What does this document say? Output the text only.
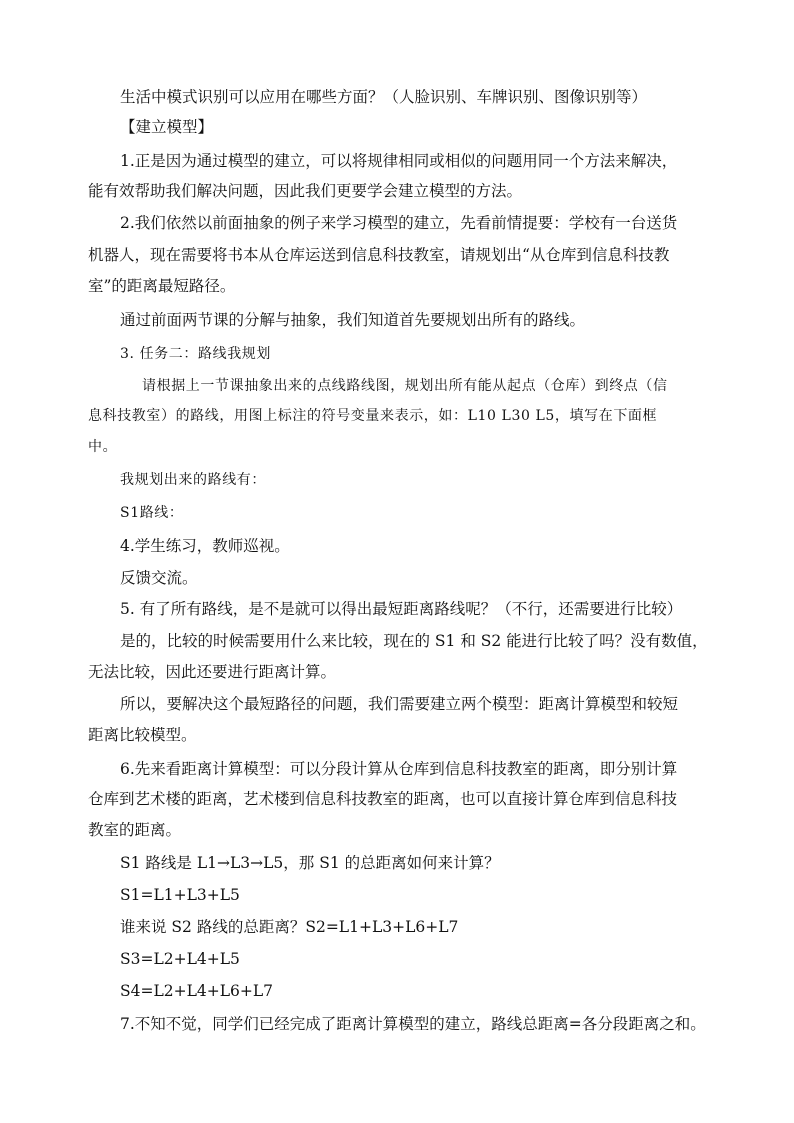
生活中模式识别可以应用在哪些方面？（人脸识别、车牌识别、图像识别等）
【建立模型】
1.正是因为通过模型的建立，可以将规律相同或相似的问题用同一个方法来解决，
能有效帮助我们解决问题，因此我们更要学会建立模型的方法。
2.我们依然以前面抽象的例子来学习模型的建立，先看前情提要：学校有一台送货
机器人，现在需要将书本从仓库运送到信息科技教室，请规划出“从仓库到信息科技教
室”的距离最短路径。
通过前面两节课的分解与抽象，我们知道首先要规划出所有的路线。
3. 任务二：路线我规划
请根据上一节课抽象出来的点线路线图，规划出所有能从起点（仓库）到终点（信
息科技教室）的路线，用图上标注的符号变量来表示，如：L10 L30 L5，填写在下面框
中。
我规划出来的路线有：
S1路线：
4.学生练习，教师巡视。
反馈交流。
5. 有了所有路线，是不是就可以得出最短距离路线呢？（不行，还需要进行比较）
是的，比较的时候需要用什么来比较，现在的 S1 和 S2 能进行比较了吗？没有数值，
无法比较，因此还要进行距离计算。
所以，要解决这个最短路径的问题，我们需要建立两个模型：距离计算模型和较短
距离比较模型。
6.先来看距离计算模型：可以分段计算从仓库到信息科技教室的距离，即分别计算
仓库到艺术楼的距离，艺术楼到信息科技教室的距离，也可以直接计算仓库到信息科技
教室的距离。
S1 路线是 L1→L3→L5，那 S1 的总距离如何来计算？
S1=L1+L3+L5
谁来说 S2 路线的总距离？S2=L1+L3+L6+L7
S3=L2+L4+L5
S4=L2+L4+L6+L7
7.不知不觉，同学们已经完成了距离计算模型的建立，路线总距离=各分段距离之和。
